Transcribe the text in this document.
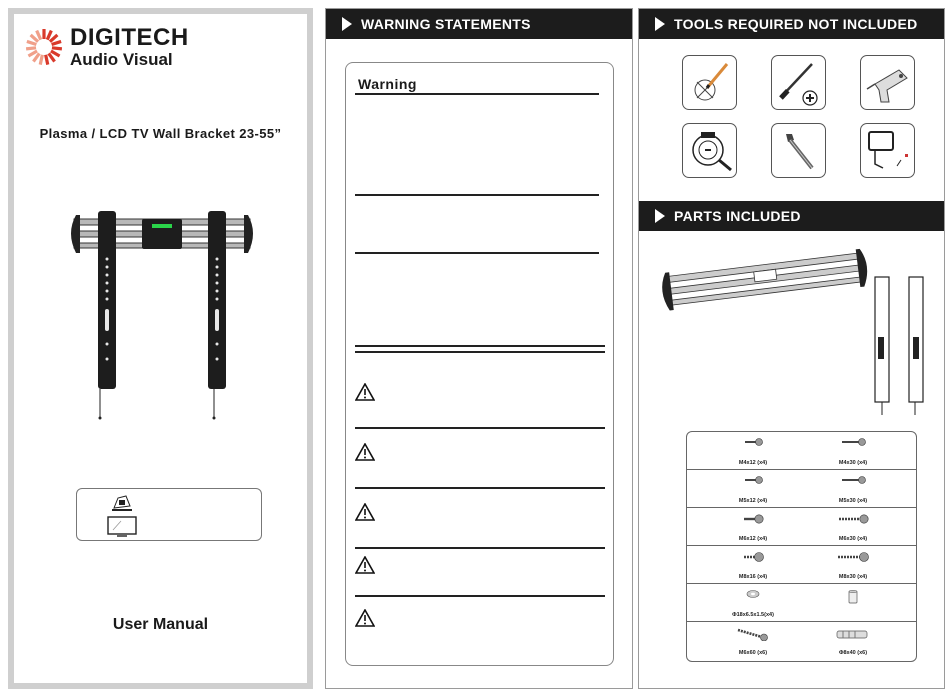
DIGITECH
Audio Visual
Plasma / LCD TV Wall Bracket 23-55”
User Manual
WARNING STATEMENTS
Warning
TOOLS REQUIRED NOT INCLUDED
PARTS INCLUDED
M4x12 (x4)	M4x30 (x4)
M5x12 (x4)	M5x30 (x4)
M6x12 (x4)	M6x30 (x4)
M8x16 (x4)	M8x30 (x4)
Φ18x6.5x1.5(x4)
M6x60 (x6)	Φ8x40 (x6)
